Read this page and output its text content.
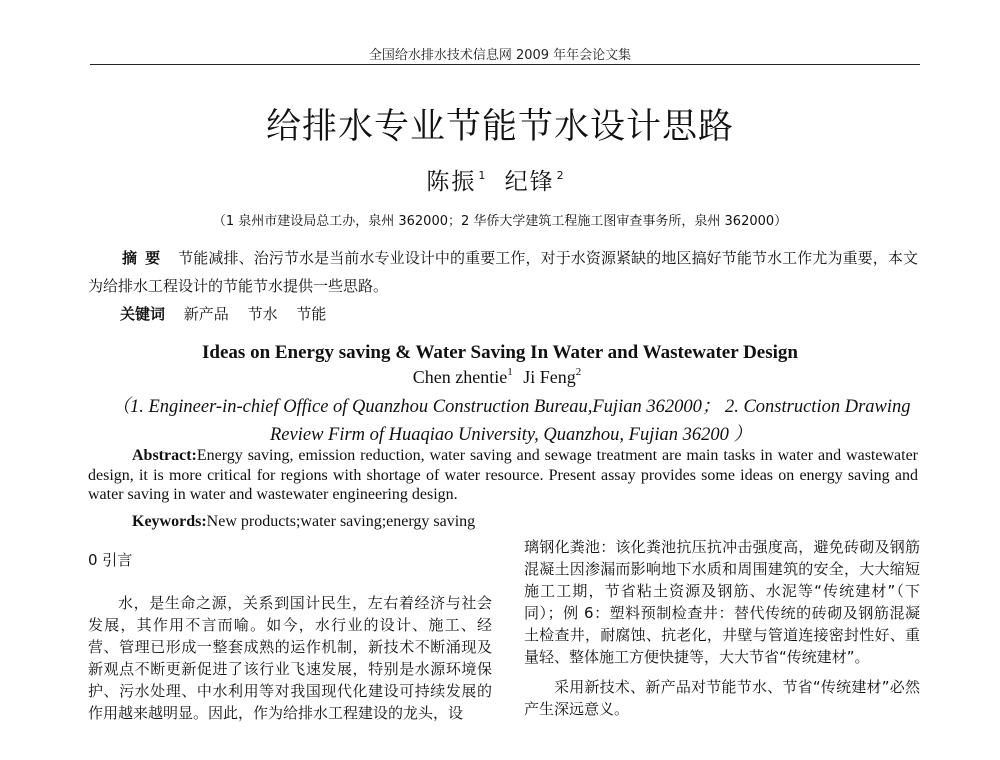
全国给水排水技术信息网 2009 年年会论文集
给排水专业节能节水设计思路
陈振 $^1$ 纪锋 $^2$
（1 泉州市建设局总工办，泉州 362000；2 华侨大学建筑工程施工图审查事务所，泉州 362000）
摘要 节能减排、治污节水是当前水专业设计中的重要工作，对于水资源紧缺的地区搞好节能节水工作尤为重要，本文为给排水工程设计的节能节水提供一些思路。
关键词 新产品 节水 节能
Ideas on Energy saving & Water Saving In Water and Wastewater Design
Chen zhentie$^1$ Ji Feng$^2$
（1. Engineer-in-chief Office of Quanzhou Construction Bureau,Fujian 362000； 2. Construction Drawing Review Firm of Huaqiao University, Quanzhou, Fujian 36200 ）
Abstract:Energy saving, emission reduction, water saving and sewage treatment are main tasks in water and wastewater design, it is more critical for regions with shortage of water resource. Present assay provides some ideas on energy saving and water saving in water and wastewater engineering design.
Keywords:New products;water saving;energy saving
0 引言

水，是生命之源，关系到国计民生，左右着经济与社会发展，其作用不言而喻。如今，水行业的设计、施工、经营、管理已形成一整套成熟的运作机制，新技术不断涌现及新观点不断更新促进了该行业飞速发展，特别是水源环境保护、污水处理、中水利用等对我国现代化建设可持续发展的作用越来越明显。因此，作为给排水工程建设的龙头，设

璃钢化粪池：该化粪池抗压抗冲击强度高，避免砖砌及钢筋混凝土因渗漏而影响地下水质和周围建筑的安全，大大缩短施工工期，节省粘土资源及钢筋、水泥等“传统建材”（下同）；例 6：塑料预制检查井：替代传统的砖砌及钢筋混凝土检查井，耐腐蚀、抗老化，井壁与管道连接密封性好、重量轻、整体施工方便快捷等，大大节省“传统建材”。

采用新技术、新产品对节能节水、节省“传统建材”必然产生深远意义。
